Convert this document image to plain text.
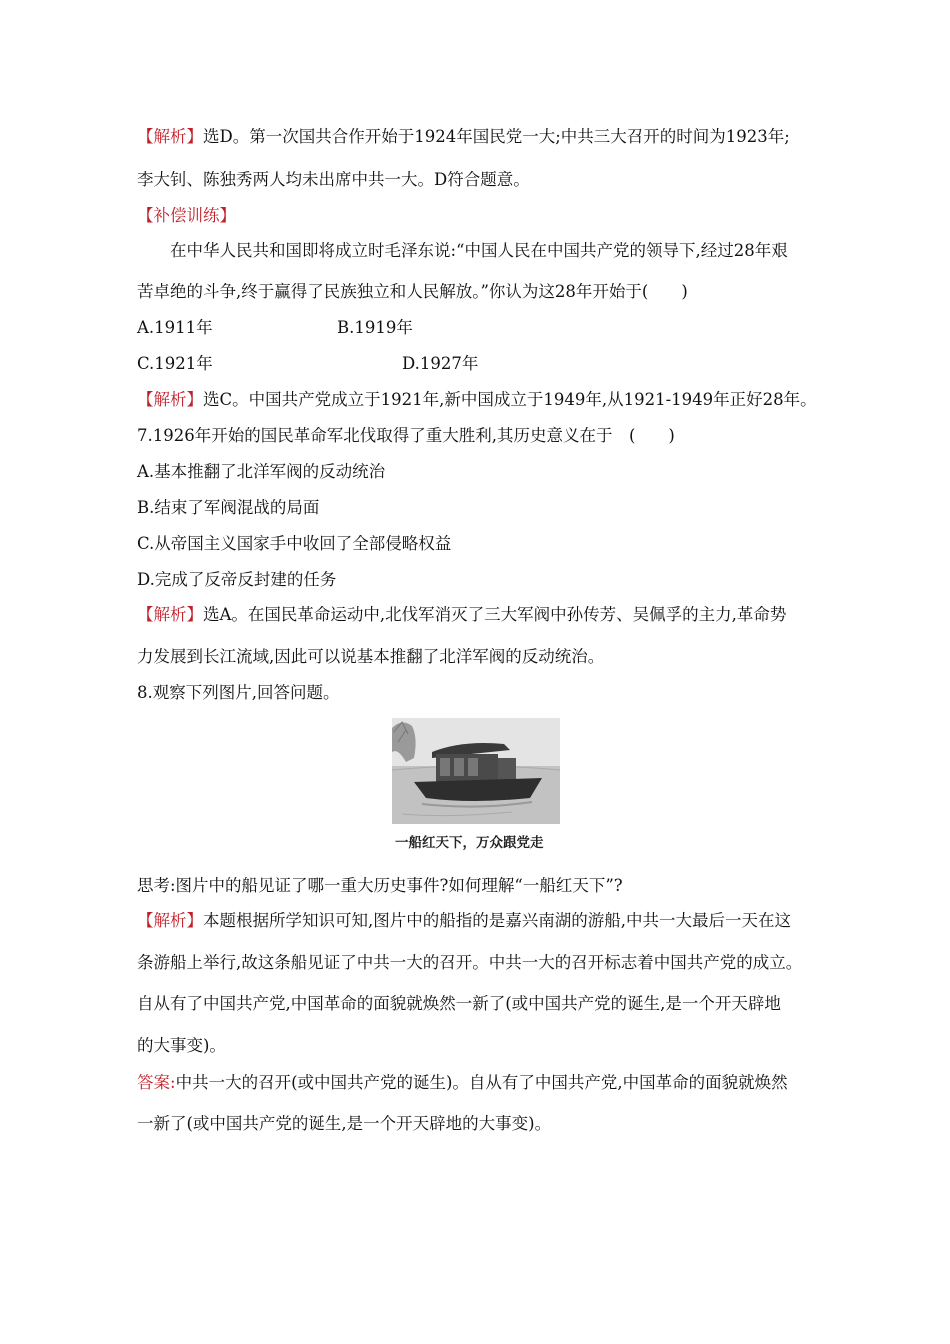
【解析】选D。第一次国共合作开始于1924年国民党一大;中共三大召开的时间为1923年;
李大钊、陈独秀两人均未出席中共一大。D符合题意。
【补偿训练】
在中华人民共和国即将成立时毛泽东说:“中国人民在中国共产党的领导下,经过28年艰
苦卓绝的斗争,终于赢得了民族独立和人民解放。”你认为这28年开始于(　　)
A.1911年	B.1919年
C.1921年	D.1927年
【解析】选C。中国共产党成立于1921年,新中国成立于1949年,从1921-1949年正好28年。
7.1926年开始的国民革命军北伐取得了重大胜利,其历史意义在于　(　　)
A.基本推翻了北洋军阀的反动统治
B.结束了军阀混战的局面
C.从帝国主义国家手中收回了全部侵略权益
D.完成了反帝反封建的任务
【解析】选A。在国民革命运动中,北伐军消灭了三大军阀中孙传芳、吴佩孚的主力,革命势
力发展到长江流域,因此可以说基本推翻了北洋军阀的反动统治。
8.观察下列图片,回答问题。
一船红天下，万众跟党走
思考:图片中的船见证了哪一重大历史事件?如何理解“一船红天下”?
【解析】本题根据所学知识可知,图片中的船指的是嘉兴南湖的游船,中共一大最后一天在这
条游船上举行,故这条船见证了中共一大的召开。中共一大的召开标志着中国共产党的成立。
自从有了中国共产党,中国革命的面貌就焕然一新了(或中国共产党的诞生,是一个开天辟地
的大事变)。
答案:中共一大的召开(或中国共产党的诞生)。自从有了中国共产党,中国革命的面貌就焕然
一新了(或中国共产党的诞生,是一个开天辟地的大事变)。
